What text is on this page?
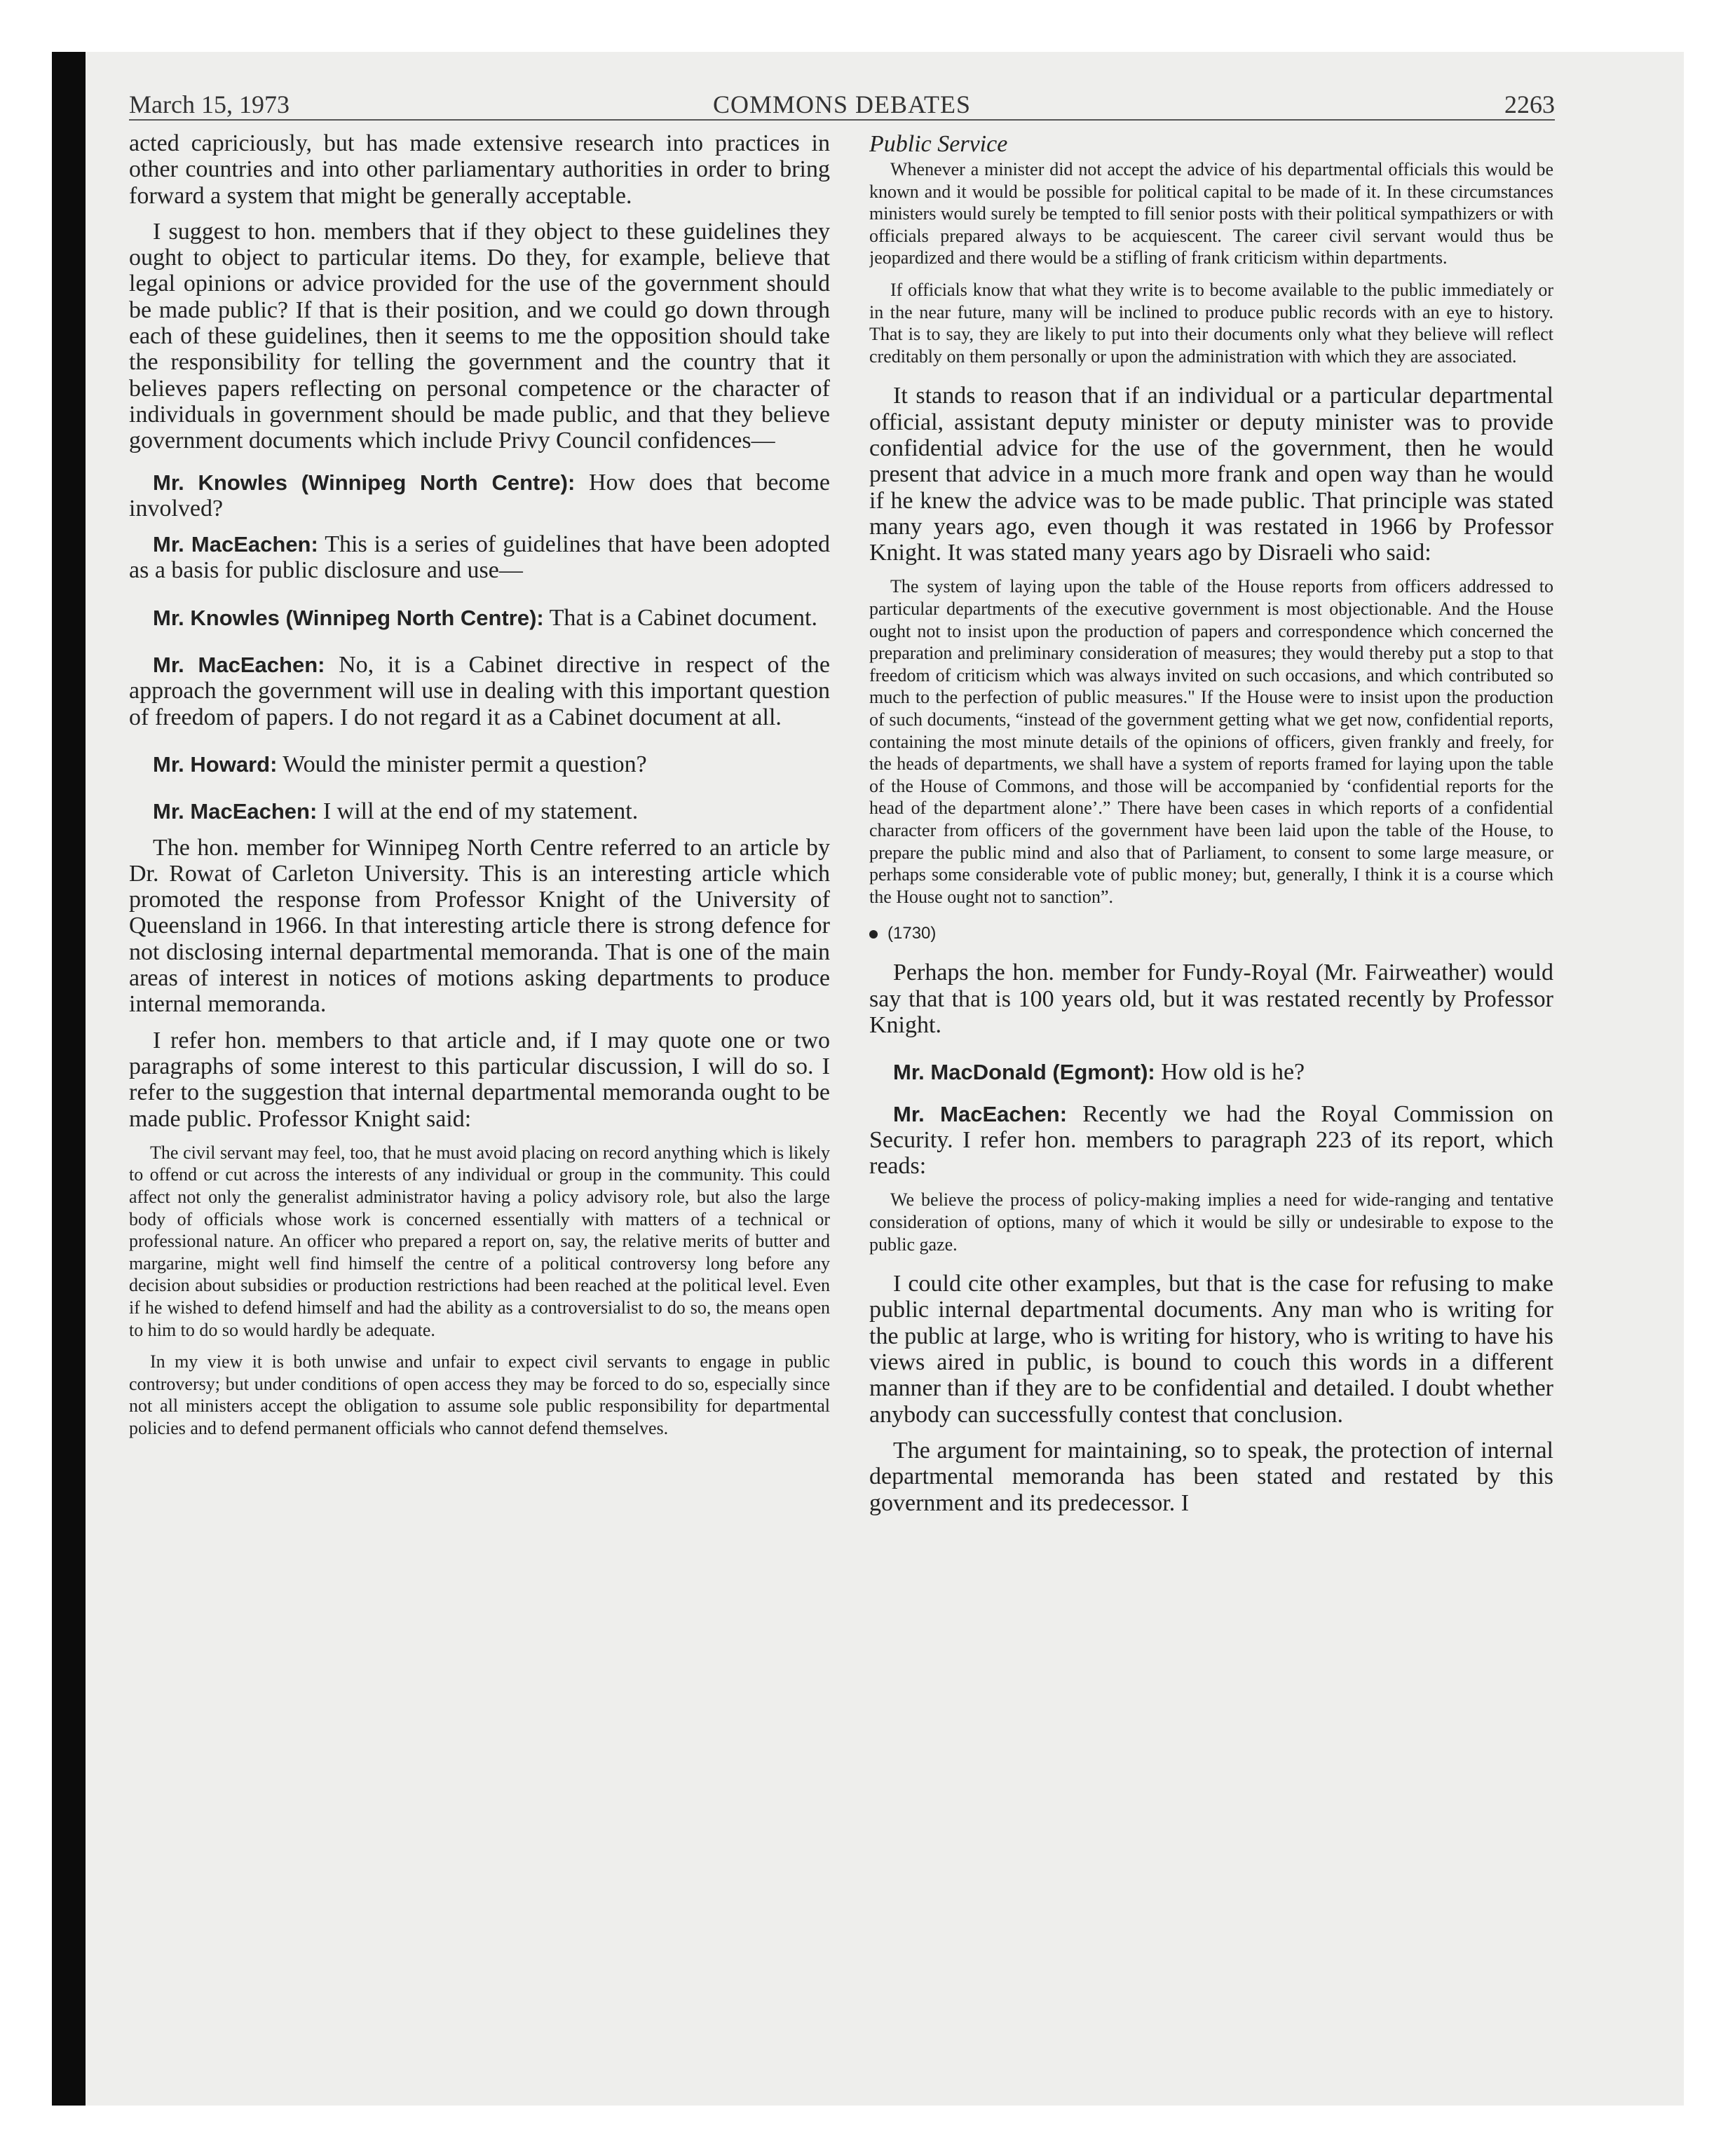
March 15, 1973	COMMONS DEBATES	2263

acted capriciously, but has made extensive research into practices in other countries and into other parliamentary authorities in order to bring forward a system that might be generally acceptable.

I suggest to hon. members that if they object to these guidelines they ought to object to particular items. Do they, for example, believe that legal opinions or advice provided for the use of the government should be made public? If that is their position, and we could go down through each of these guidelines, then it seems to me the opposition should take the responsibility for telling the government and the country that it believes papers reflecting on personal competence or the character of individuals in government should be made public, and that they believe government documents which include Privy Council confidences—

Mr. Knowles (Winnipeg North Centre): How does that become involved?

Mr. MacEachen: This is a series of guidelines that have been adopted as a basis for public disclosure and use—

Mr. Knowles (Winnipeg North Centre): That is a Cabinet document.

Mr. MacEachen: No, it is a Cabinet directive in respect of the approach the government will use in dealing with this important question of freedom of papers. I do not regard it as a Cabinet document at all.

Mr. Howard: Would the minister permit a question?

Mr. MacEachen: I will at the end of my statement.

The hon. member for Winnipeg North Centre referred to an article by Dr. Rowat of Carleton University. This is an interesting article which promoted the response from Professor Knight of the University of Queensland in 1966. In that interesting article there is strong defence for not disclosing internal departmental memoranda. That is one of the main areas of interest in notices of motions asking departments to produce internal memoranda.

I refer hon. members to that article and, if I may quote one or two paragraphs of some interest to this particular discussion, I will do so. I refer to the suggestion that internal departmental memoranda ought to be made public. Professor Knight said:

The civil servant may feel, too, that he must avoid placing on record anything which is likely to offend or cut across the interests of any individual or group in the community. This could affect not only the generalist administrator having a policy advisory role, but also the large body of officials whose work is concerned essentially with matters of a technical or professional nature. An officer who prepared a report on, say, the relative merits of butter and margarine, might well find himself the centre of a political controversy long before any decision about subsidies or production restrictions had been reached at the political level. Even if he wished to defend himself and had the ability as a controversialist to do so, the means open to him to do so would hardly be adequate.

In my view it is both unwise and unfair to expect civil servants to engage in public controversy; but under conditions of open access they may be forced to do so, especially since not all ministers accept the obligation to assume sole public responsibility for departmental policies and to defend permanent officials who cannot defend themselves.

Public Service

Whenever a minister did not accept the advice of his departmental officials this would be known and it would be possible for political capital to be made of it. In these circumstances ministers would surely be tempted to fill senior posts with their political sympathizers or with officials prepared always to be acquiescent. The career civil servant would thus be jeopardized and there would be a stifling of frank criticism within departments.

If officials know that what they write is to become available to the public immediately or in the near future, many will be inclined to produce public records with an eye to history. That is to say, they are likely to put into their documents only what they believe will reflect creditably on them personally or upon the administration with which they are associated.

It stands to reason that if an individual or a particular departmental official, assistant deputy minister or deputy minister was to provide confidential advice for the use of the government, then he would present that advice in a much more frank and open way than he would if he knew the advice was to be made public. That principle was stated many years ago, even though it was restated in 1966 by Professor Knight. It was stated many years ago by Disraeli who said:

The system of laying upon the table of the House reports from officers addressed to particular departments of the executive government is most objectionable. And the House ought not to insist upon the production of papers and correspondence which concerned the preparation and preliminary consideration of measures; they would thereby put a stop to that freedom of criticism which was always invited on such occasions, and which contributed so much to the perfection of public measures." If the House were to insist upon the production of such documents, “instead of the government getting what we get now, confidential reports, containing the most minute details of the opinions of officers, given frankly and freely, for the heads of departments, we shall have a system of reports framed for laying upon the table of the House of Commons, and those will be accompanied by ‘confidential reports for the head of the department alone’.” There have been cases in which reports of a confidential character from officers of the government have been laid upon the table of the House, to prepare the public mind and also that of Parliament, to consent to some large measure, or perhaps some considerable vote of public money; but, generally, I think it is a course which the House ought not to sanction”.

(1730)

Perhaps the hon. member for Fundy-Royal (Mr. Fairweather) would say that that is 100 years old, but it was restated recently by Professor Knight.

Mr. MacDonald (Egmont): How old is he?

Mr. MacEachen: Recently we had the Royal Commission on Security. I refer hon. members to paragraph 223 of its report, which reads:

We believe the process of policy-making implies a need for wide-ranging and tentative consideration of options, many of which it would be silly or undesirable to expose to the public gaze.

I could cite other examples, but that is the case for refusing to make public internal departmental documents. Any man who is writing for the public at large, who is writing for history, who is writing to have his views aired in public, is bound to couch this words in a different manner than if they are to be confidential and detailed. I doubt whether anybody can successfully contest that conclusion.

The argument for maintaining, so to speak, the protection of internal departmental memoranda has been stated and restated by this government and its predecessor. I
